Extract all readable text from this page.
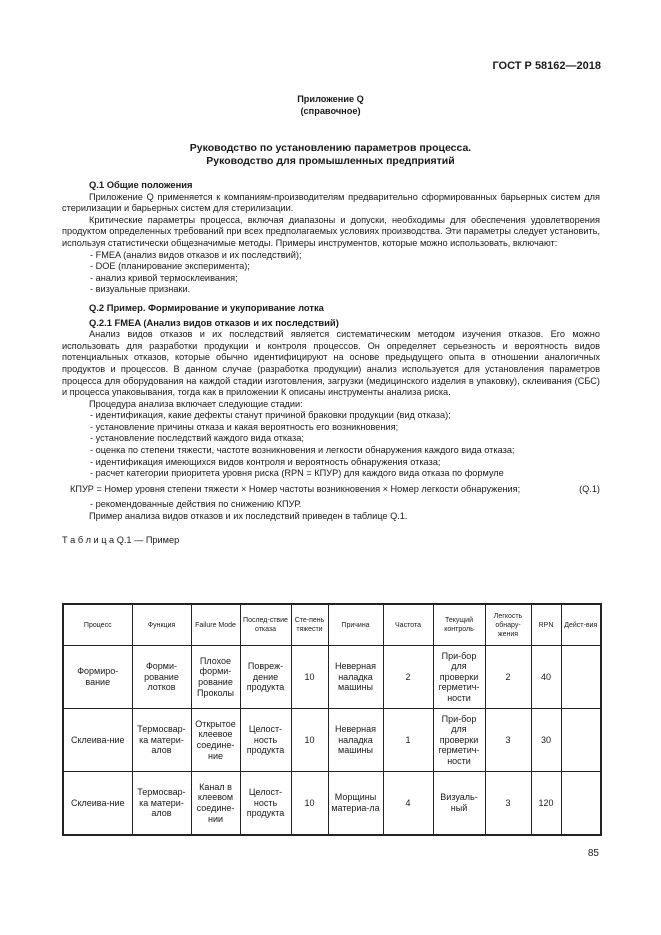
ГОСТ Р 58162—2018
Приложение Q
(справочное)
Руководство по установлению параметров процесса.
Руководство для промышленных предприятий
Q.1 Общие положения

Приложение Q применяется к компаниям-производителям предварительно сформированных барьерных систем для стерилизации и барьерных систем для стерилизации.

Критические параметры процесса, включая диапазоны и допуски, необходимы для обеспечения удовлетворения продуктом определенных требований при всех предполагаемых условиях производства. Эти параметры следует установить, используя статистически общезначимые методы. Примеры инструментов, которые можно использовать, включают:

- FMEA (анализ видов отказов и их последствий);

- DOE (планирование эксперимента);

- анализ кривой термосклеивания;

- визуальные признаки.

Q.2 Пример. Формирование и укупоривание лотка
Q.2.1 FMEA (Анализ видов отказов и их последствий)

Анализ видов отказов и их последствий является систематическим методом изучения отказов. Его можно использовать для разработки продукции и контроля процессов. Он определяет серьезность и вероятность видов потенциальных отказов, которые обычно идентифицируют на основе предыдущего опыта в отношении аналогичных продуктов и процессов. В данном случае (разработка продукции) анализ используется для установления параметров процесса для оборудования на каждой стадии изготовления, загрузки (медицинского изделия в упаковку), склеивания (СБС) и процесса упаковывания, тогда как в приложении К описаны инструменты анализа риска.

Процедура анализа включает следующие стадии:

- идентификация, какие дефекты станут причиной браковки продукции (вид отказа);

- установление причины отказа и какая вероятность его возникновения;

- установление последствий каждого вида отказа;

- оценка по степени тяжести, частоте возникновения и легкости обнаружения каждого вида отказа;

- идентификация имеющихся видов контроля и вероятность обнаружения отказа;

- расчет категории приоритета уровня риска (RPN = КПУР) для каждого вида отказа по формуле

КПУР = Номер уровня степени тяжести × Номер частоты возникновения × Номер легкости обнаружения;	(Q.1)

- рекомендованные действия по снижению КПУР.

Пример анализа видов отказов и их последствий приведен в таблице Q.1.

Т а б л и ц а Q.1 — Пример

Процесс	Функция	Failure Mode	Послед-ствие отказа	Сте-пень тяжести	Причина	Частота	Текущий контроль	Легкость обнару-жения	RPN	Дейст-вия
Формиро-вание	Форми-рование лотков	Плохое форми-рование Проколы	Повреж-дение продукта	10	Неверная наладка машины	2	При-бор для проверки герметич-ности	2	40	
Склеива-ние	Термосвар-ка матери-алов	Открытое клеевое соедине-ние	Целост-ность продукта	10	Неверная наладка машины	1	При-бор для проверки герметич-ности	3	30	
Склеива-ние	Термосвар-ка матери-алов	Канал в клеевом соедине-нии	Целост-ность продукта	10	Морщины материа-ла	4	Визуаль-ный	3	120	
85
